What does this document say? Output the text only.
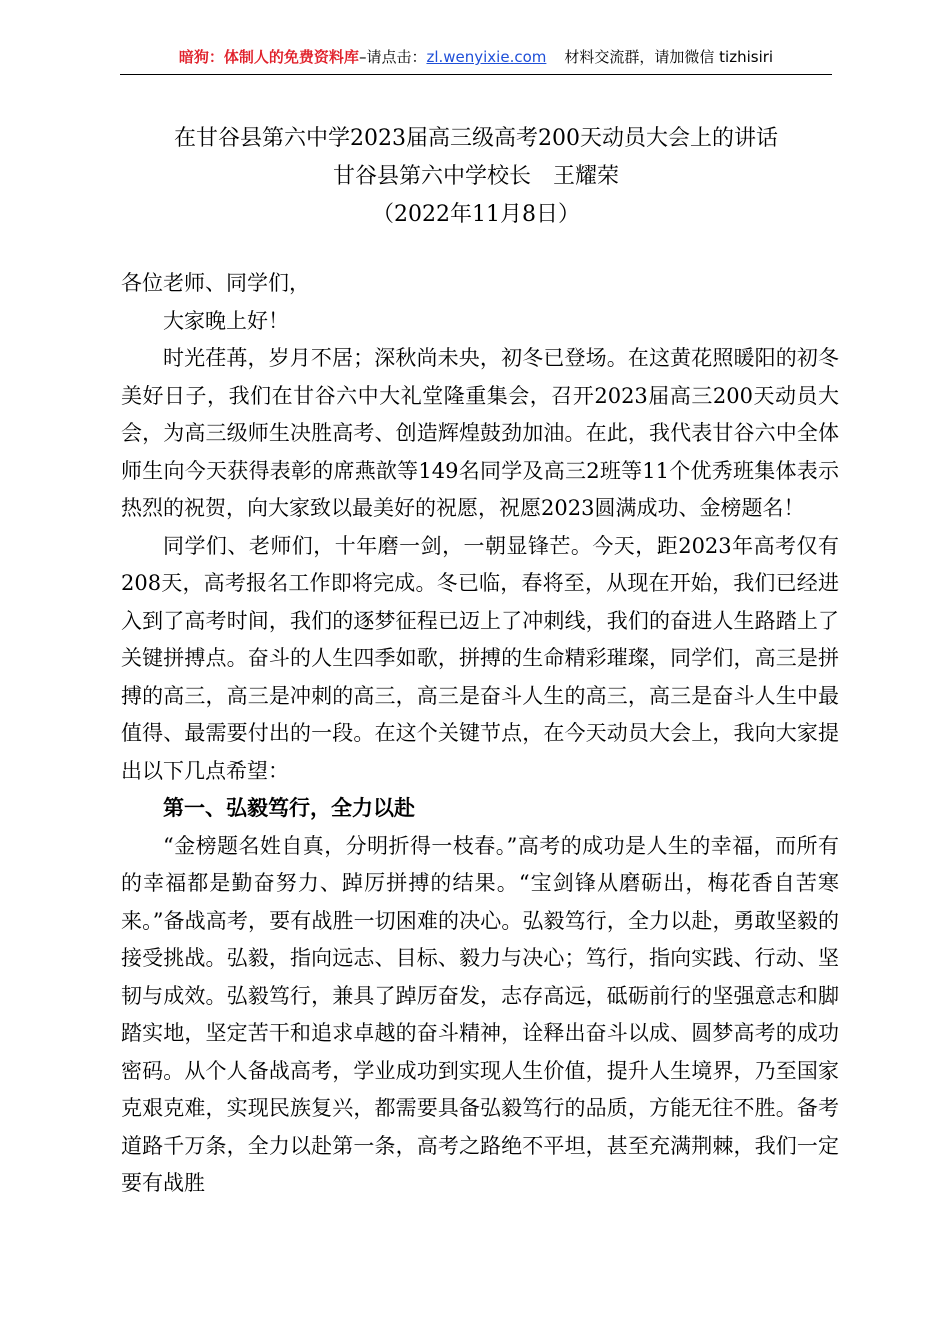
暗狗：体制人的免费资料库–请点击：zl.wenyixie.com 材料交流群，请加微信 tizhisiri
在甘谷县第六中学2023届高三级高考200天动员大会上的讲话
甘谷县第六中学校长　王耀荣
（2022年11月8日）

各位老师、同学们，

大家晚上好！

时光荏苒，岁月不居；深秋尚未央，初冬已登场。在这黄花照暖阳的初冬美好日子，我们在甘谷六中大礼堂隆重集会，召开2023届高三200天动员大会，为高三级师生决胜高考、创造辉煌鼓劲加油。在此，我代表甘谷六中全体师生向今天获得表彰的席燕歆等149名同学及高三2班等11个优秀班集体表示热烈的祝贺，向大家致以最美好的祝愿，祝愿2023圆满成功、金榜题名！

同学们、老师们，十年磨一剑，一朝显锋芒。今天，距2023年高考仅有208天，高考报名工作即将完成。冬已临，春将至，从现在开始，我们已经进入到了高考时间，我们的逐梦征程已迈上了冲刺线，我们的奋进人生路踏上了关键拼搏点。奋斗的人生四季如歌，拼搏的生命精彩璀璨，同学们，高三是拼搏的高三，高三是冲刺的高三，高三是奋斗人生的高三，高三是奋斗人生中最值得、最需要付出的一段。在这个关键节点，在今天动员大会上，我向大家提出以下几点希望：

第一、弘毅笃行，全力以赴

“金榜题名姓自真，分明折得一枝春。”高考的成功是人生的幸福，而所有的幸福都是勤奋努力、踔厉拼搏的结果。“宝剑锋从磨砺出，梅花香自苦寒来。”备战高考，要有战胜一切困难的决心。弘毅笃行，全力以赴，勇敢坚毅的接受挑战。弘毅，指向远志、目标、毅力与决心；笃行，指向实践、行动、坚韧与成效。弘毅笃行，兼具了踔厉奋发，志存高远，砥砺前行的坚强意志和脚踏实地，坚定苦干和追求卓越的奋斗精神，诠释出奋斗以成、圆梦高考的成功密码。从个人备战高考，学业成功到实现人生价值，提升人生境界，乃至国家克艰克难，实现民族复兴，都需要具备弘毅笃行的品质，方能无往不胜。备考道路千万条，全力以赴第一条，高考之路绝不平坦，甚至充满荆棘，我们一定要有战胜
